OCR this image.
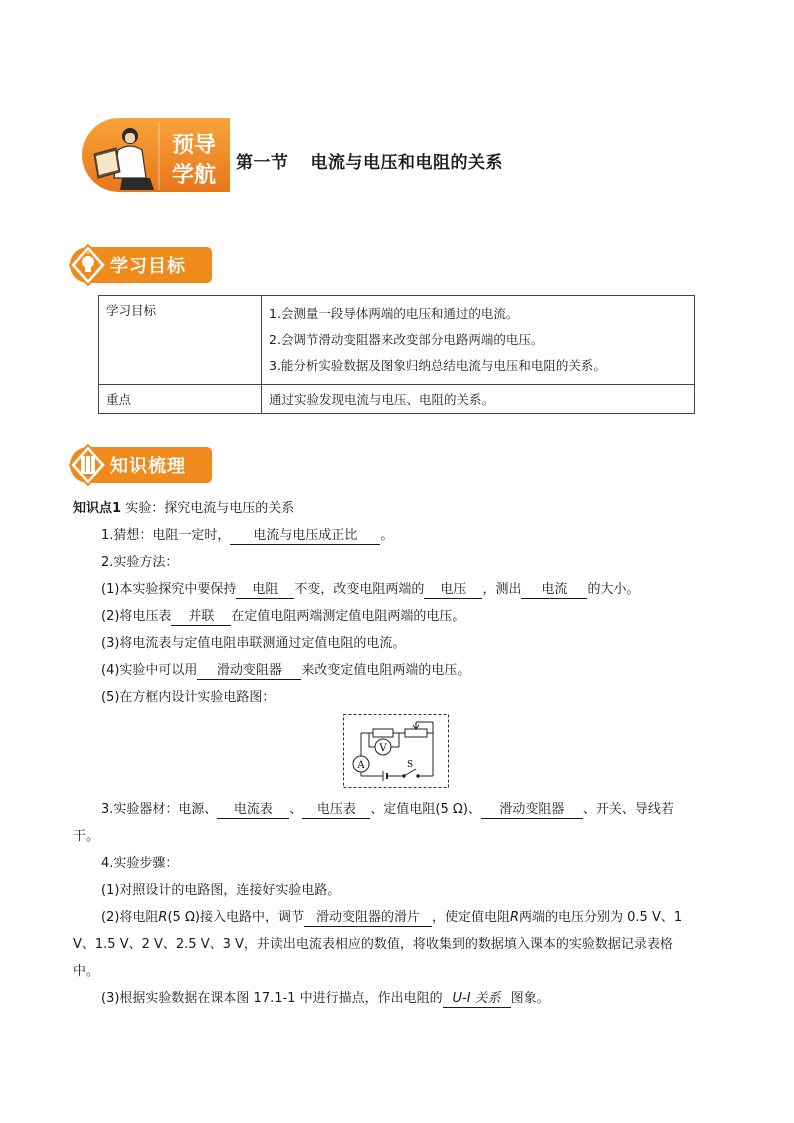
预导
学航 第一节 电流与电压和电阻的关系
学习目标
学习目标	1.会测量一段导体两端的电压和通过的电流。
2.会调节滑动变阻器来改变部分电路两端的电压。
3.能分析实验数据及图象归纳总结电流与电压和电阻的关系。

重点	通过实验发现电流与电压、电阻的关系。
知识梳理
知识点1 实验：探究电流与电压的关系
1.猜想：电阻一定时， 电流与电压成正比 。
2.实验方法：
(1)本实验探究中要保持 电阻 不变，改变电阻两端的 电压 ，测出 电流 的大小。
(2)将电压表 并联 在定值电阻两端测定值电阻两端的电压。
(3)将电流表与定值电阻串联测通过定值电阻的电流。
(4)实验中可以用 滑动变阻器 来改变定值电阻两端的电压。
(5)在方框内设计实验电路图：
V
A	S
3.实验器材：电源、 电流表 、 电压表 、定值电阻(5 Ω)、 滑动变阻器 、开关、导线若
干。
4.实验步骤：
(1)对照设计的电路图，连接好实验电路。
(2)将电阻R(5 Ω)接入电路中，调节 滑动变阻器的滑片 ，使定值电阻R两端的电压分别为 0.5 V、1
V、1.5 V、2 V、2.5 V、3 V，并读出电流表相应的数值，将收集到的数据填入课本的实验数据记录表格
中。
(3)根据实验数据在课本图 17.1-1 中进行描点，作出电阻的 U-I 关系 图象。
